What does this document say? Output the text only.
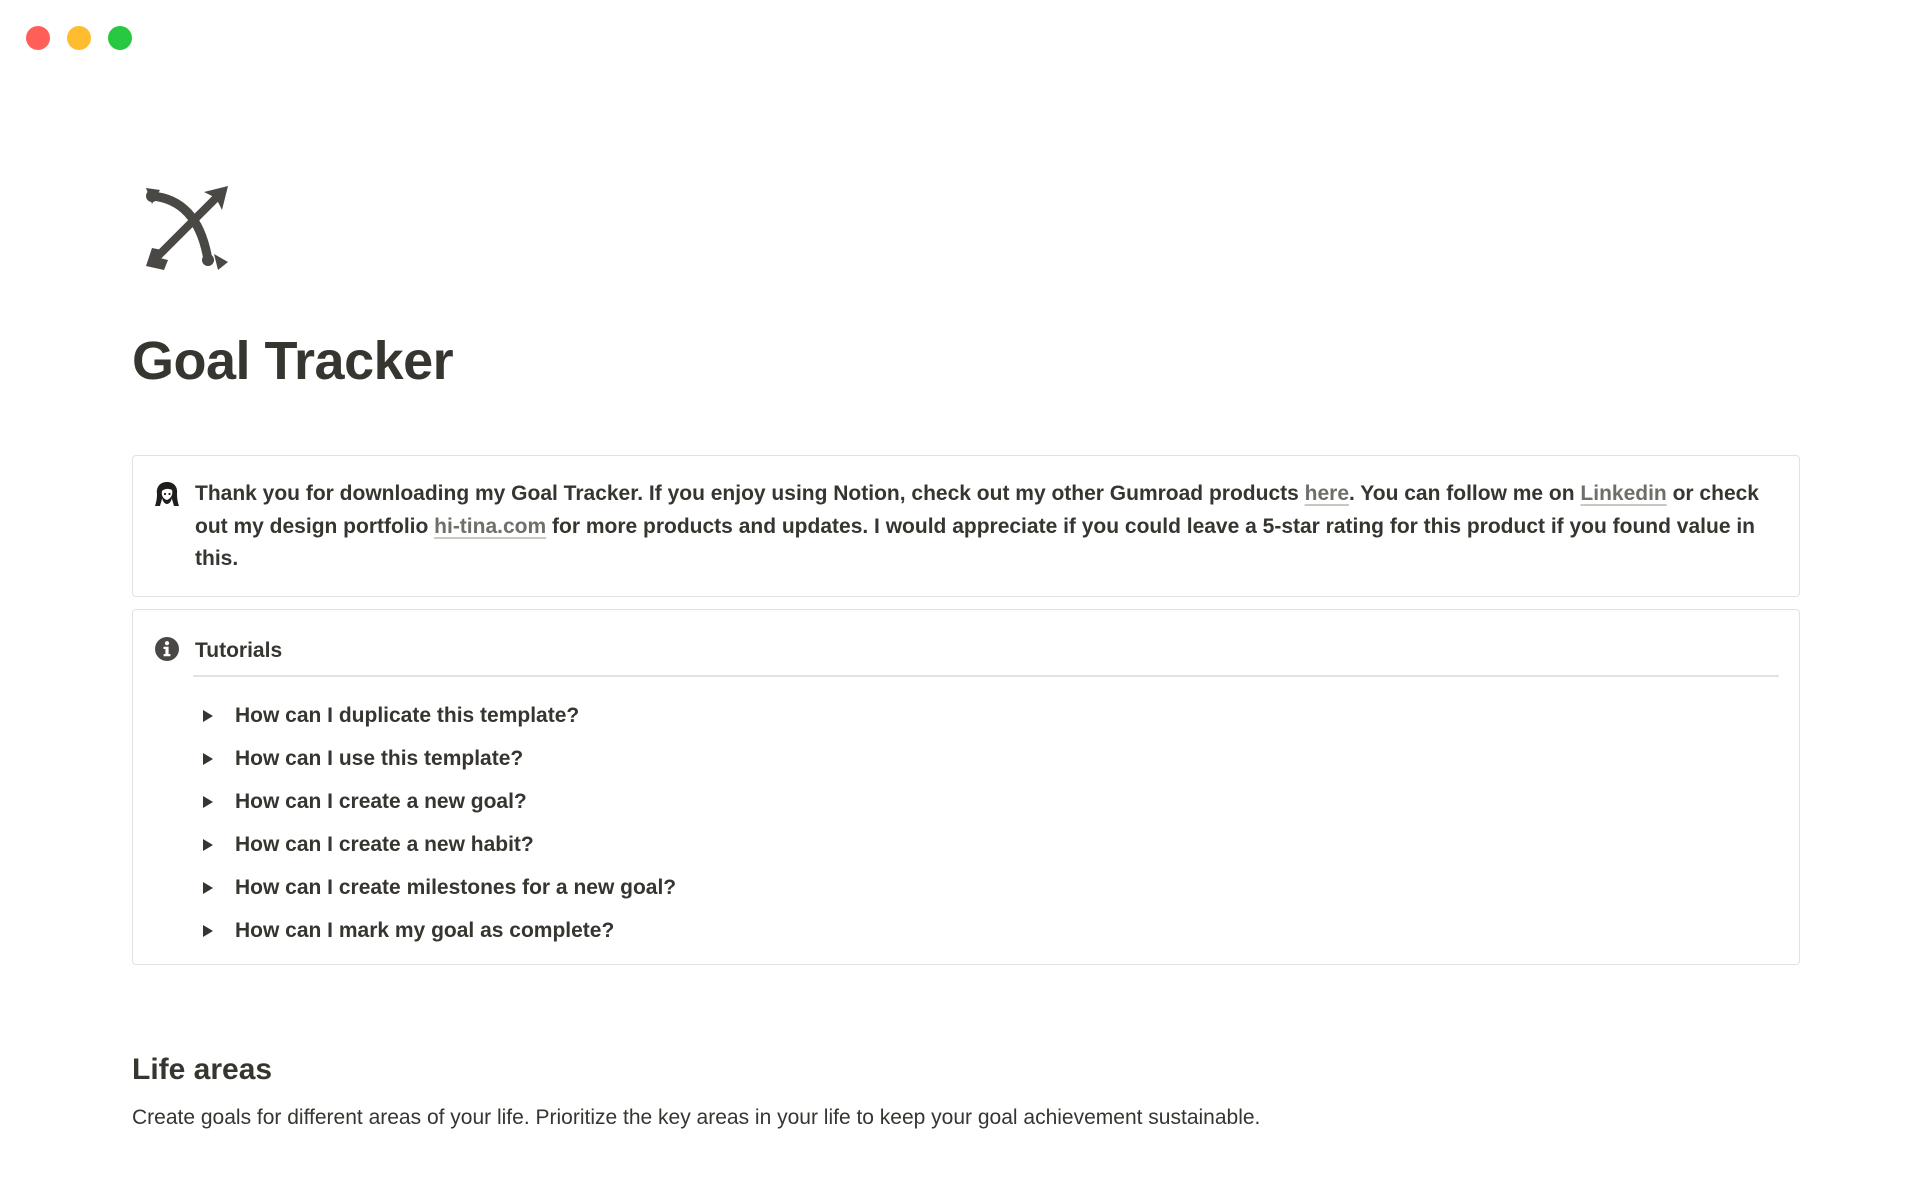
Goal Tracker
Thank you for downloading my Goal Tracker. If you enjoy using Notion, check out my other Gumroad products here. You can follow me on Linkedin or check out my design portfolio hi-tina.com for more products and updates. I would appreciate if you could leave a 5-star rating for this product if you found value in this.
Tutorials
How can I duplicate this template?
How can I use this template?
How can I create a new goal?
How can I create a new habit?
How can I create milestones for a new goal?
How can I mark my goal as complete?
Life areas

Create goals for different areas of your life. Prioritize the key areas in your life to keep your goal achievement sustainable.
